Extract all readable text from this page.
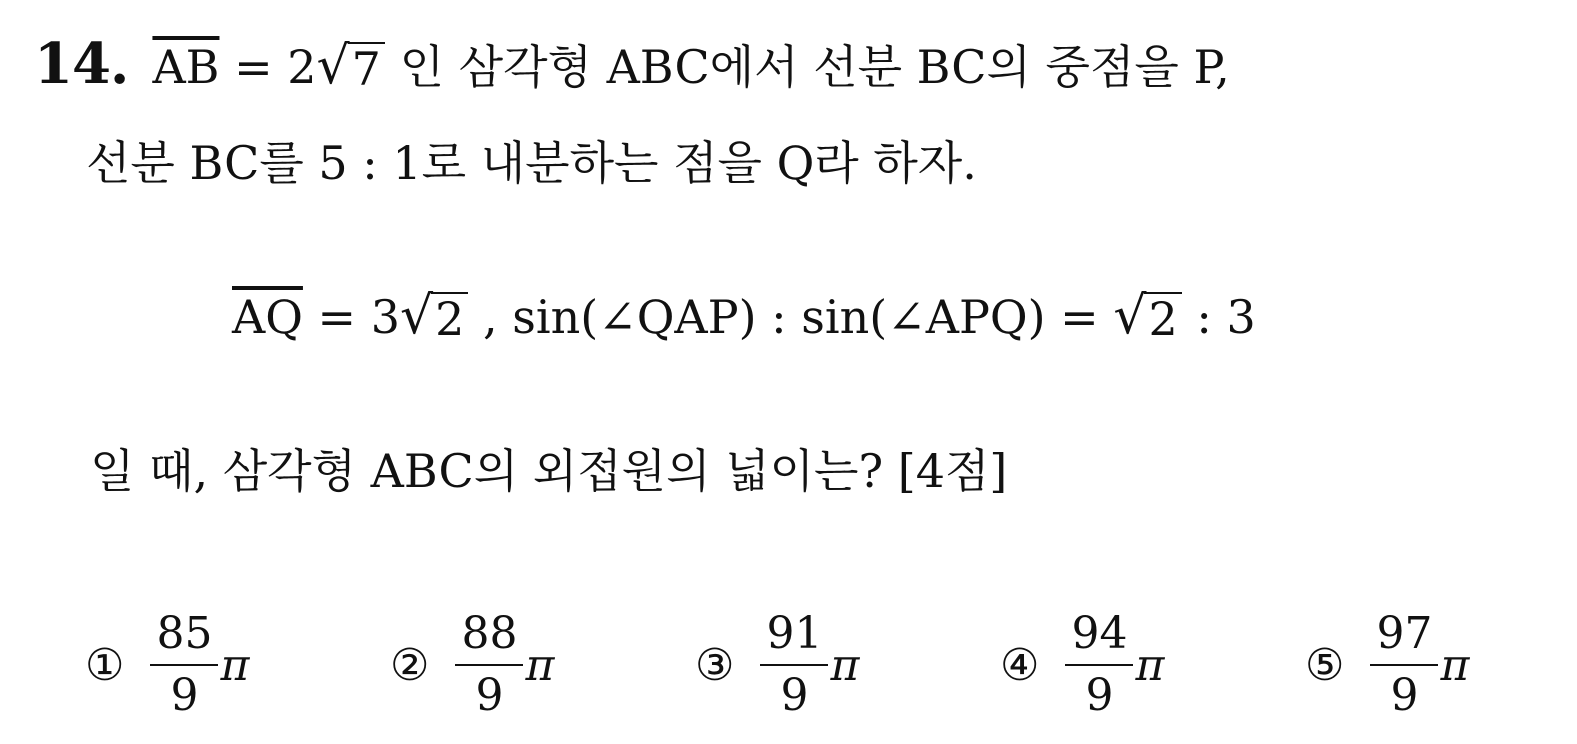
14. $\overline{AB} = 2$ √ 7 인 삼각형 ABC에서 선분 BC의 중점을 P,
선분 BC를 5 : 1로 내분하는 점을 Q라 하자.
$\overline{AQ} = 3$ √ 2 , sin(∠QAP) : sin(∠APQ) = √ 2 : 3
일 때, 삼각형 ABC의 외접원의 넓이는? [4점]
① $\frac{85}{9}$ π	② $\frac{88}{9}$ π	③ $\frac{91}{9}$ π	④ $\frac{94}{9}$ π	⑤ $\frac{97}{9}$ π
